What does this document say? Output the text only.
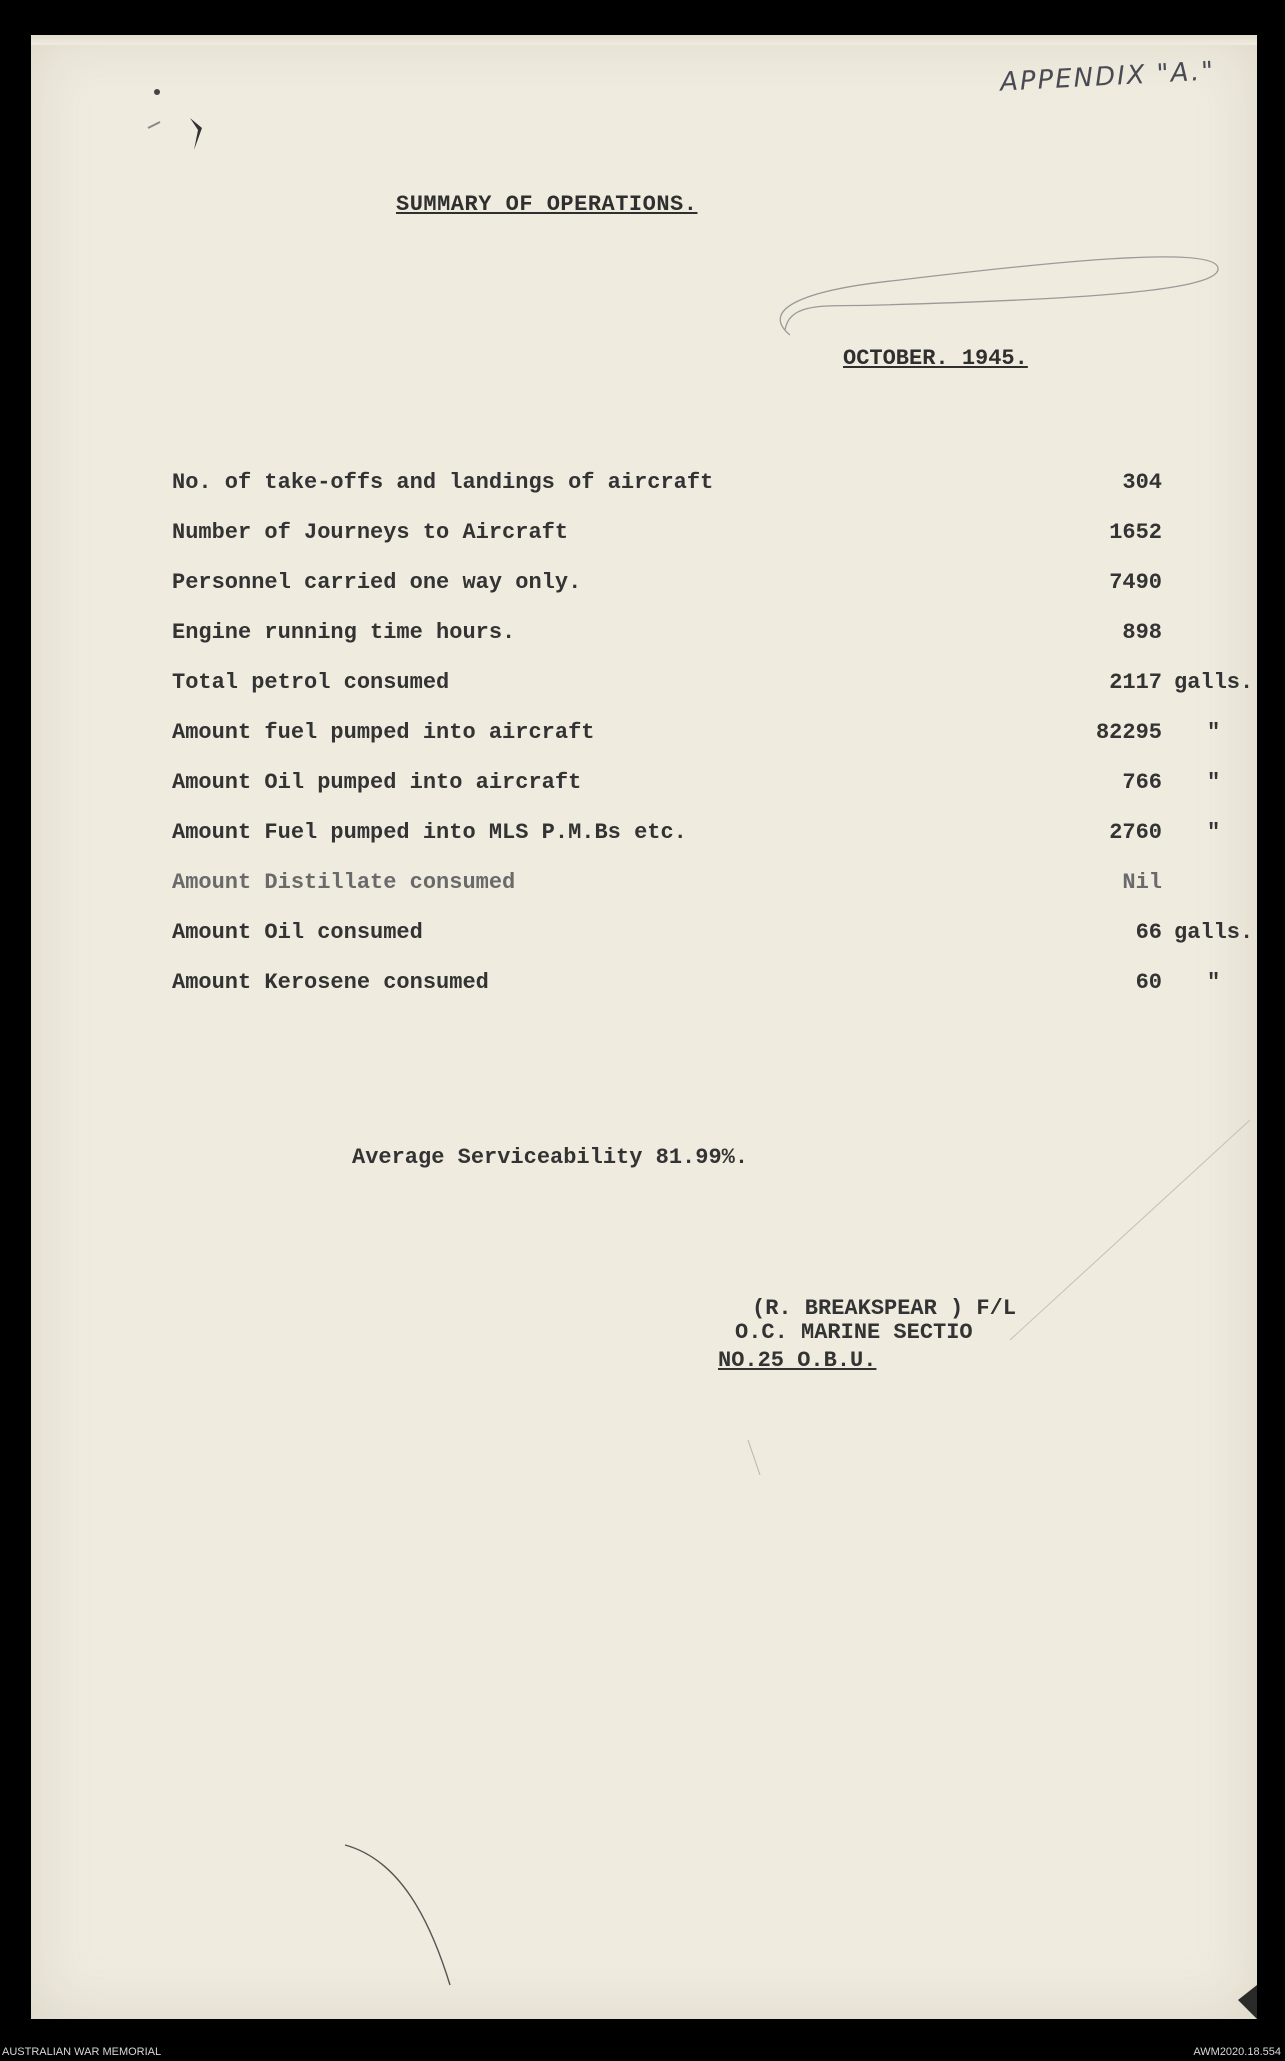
APPENDIX "A."
SUMMARY OF OPERATIONS.
OCTOBER. 1945.
No. of take-offs and landings of aircraft	304
Number of Journeys to Aircraft	1652
Personnel carried one way only.	7490
Engine running time hours.	898
Total petrol consumed	2117 galls.
Amount fuel pumped into aircraft	82295 "
Amount Oil pumped into aircraft	766 "
Amount Fuel pumped into MLS P.M.Bs etc.	2760 "
Amount Distillate consumed	Nil
Amount Oil consumed	66 galls.
Amount Kerosene consumed	60 "
Average Serviceability 81.99%.
(R. BREAKSPEAR ) F/L
O.C. MARINE SECTIO
NO.25 O.B.U.
AUSTRALIAN WAR MEMORIAL	AWM2020.18.554
